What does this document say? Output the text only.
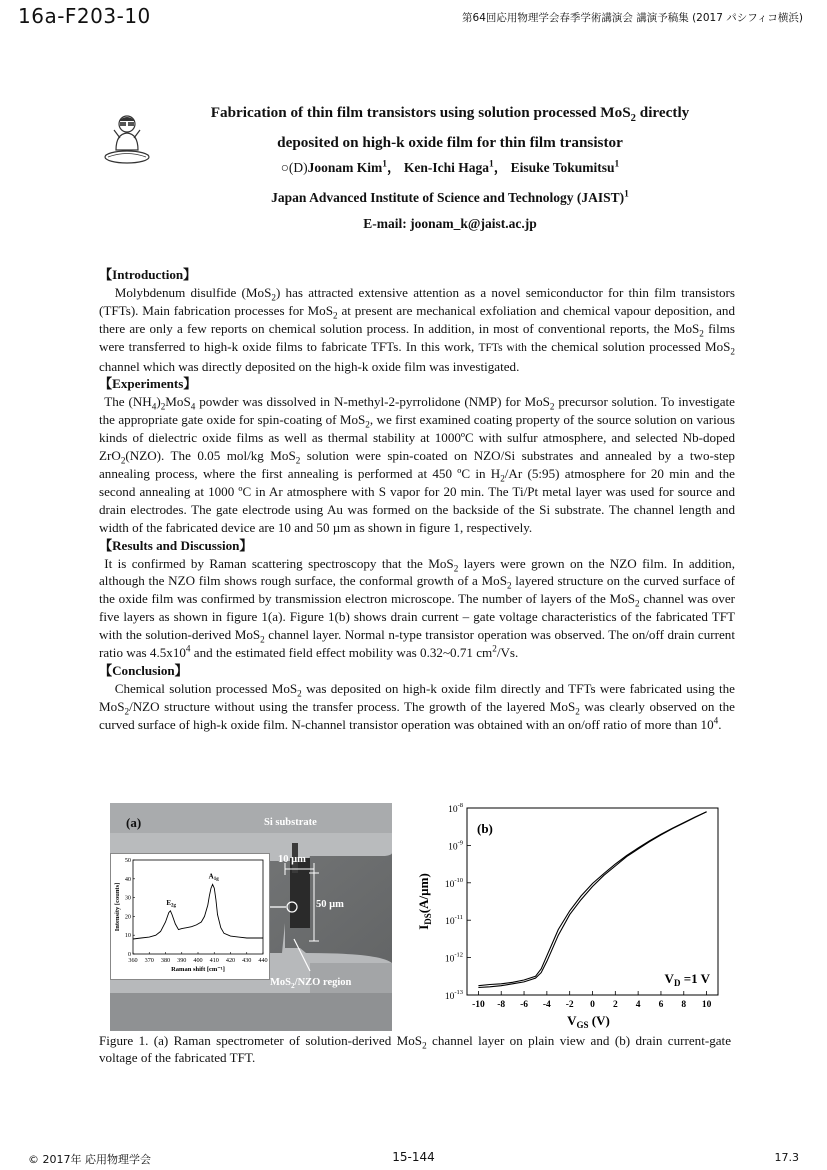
16a-F203-10	第64回応用物理学会春季学術講演会 講演予稿集 (2017 パシフィコ横浜)
Fabrication of thin film transistors using solution processed MoS$_2$ directly
deposited on high-k oxide film for thin film transistor
○(D)Joonam Kim$^1$， Ken-Ichi Haga$^1$， Eisuke Tokumitsu$^1$
Japan Advanced Institute of Science and Technology (JAIST)$^1$
E-mail: joonam_k@jaist.ac.jp

【Introduction】

Molybdenum disulfide (MoS$_2$) has attracted extensive attention as a novel semiconductor for thin film transistors (TFTs). Main fabrication processes for MoS$_2$ at present are mechanical exfoliation and chemical vapour deposition, and there are only a few reports on chemical solution process. In addition, in most of conventional reports, the MoS$_2$ films were transferred to high-k oxide films to fabricate TFTs. In this work, TFTs with the chemical solution processed MoS$_2$ channel which was directly deposited on the high-k oxide film was investigated.

【Experiments】

The $(NH_4)_2MoS_4$ powder was dissolved in N-methyl-2-pyrrolidone (NMP) for MoS$_2$ precursor solution. To investigate the appropriate gate oxide for spin-coating of MoS$_2$, we first examined coating property of the source solution on various kinds of dielectric oxide films as well as thermal stability at 1000ºC with sulfur atmosphere, and selected Nb-doped ZrO$_2$(NZO). The 0.05 mol/kg MoS$_2$ solution were spin-coated on NZO/Si substrates and annealed by a two-step annealing process, where the first annealing is performed at 450 ºC in $H_2/Ar$ (5:95) atmosphere for 20 min and the second annealing at 1000 ºC in Ar atmosphere with S vapor for 20 min. The Ti/Pt metal layer was used for source and drain electrodes. The gate electrode using Au was formed on the backside of the Si substrate. The channel length and width of the fabricated device are 10 and 50 µm as shown in figure 1, respectively.

【Results and Discussion】

It is confirmed by Raman scattering spectroscopy that the MoS$_2$ layers were grown on the NZO film. In addition, although the NZO film shows rough surface, the conformal growth of a MoS$_2$ layered structure on the curved surface of the oxide film was confirmed by transmission electron microscope. The number of layers of the MoS$_2$ channel was over five layers as shown in figure 1(a). Figure 1(b) shows drain current – gate voltage characteristics of the fabricated TFT with the solution-derived MoS$_2$ channel layer. Normal n-type transistor operation was observed. The on/off drain current ratio was $4.5x10^4$ and the estimated field effect mobility was 0.32~0.71 $cm^2/Vs$.

【Conclusion】

Chemical solution processed MoS$_2$ was deposited on high-k oxide film directly and TFTs were fabricated using the MoS$_2$/NZO structure without using the transfer process. The growth of the layered MoS$_2$ was clearly observed on the curved surface of high-k oxide film. N-channel transistor operation was obtained with an on/off ratio of more than $10^4$.

(a)	Si substrate
10 µm
50 µm
MoS$_2$/NZO region
360 370 380 390 400 410 420 430 440
0
10
20
30
40
50
Raman shift [cm⁻¹]
Intensity [counts]	$E_{2g}$
$A_{1g}$
-10 -8 -6 -4 -2 0 2 4 6 8 10
$10^{-8}$
$10^{-9}$
$10^{-10}$
$10^{-11}$
$10^{-12}$
$10^{-13}$
$I_{DS}(A/\mu m)$
$V_{GS}$ (V)
(b)
$V_D =1$ V
Figure 1. (a) Raman spectrometer of solution-derived MoS$_2$ channel layer on plain view and (b) drain current-gate voltage of the fabricated TFT.
© 2017年 応用物理学会	15-144	17.3
